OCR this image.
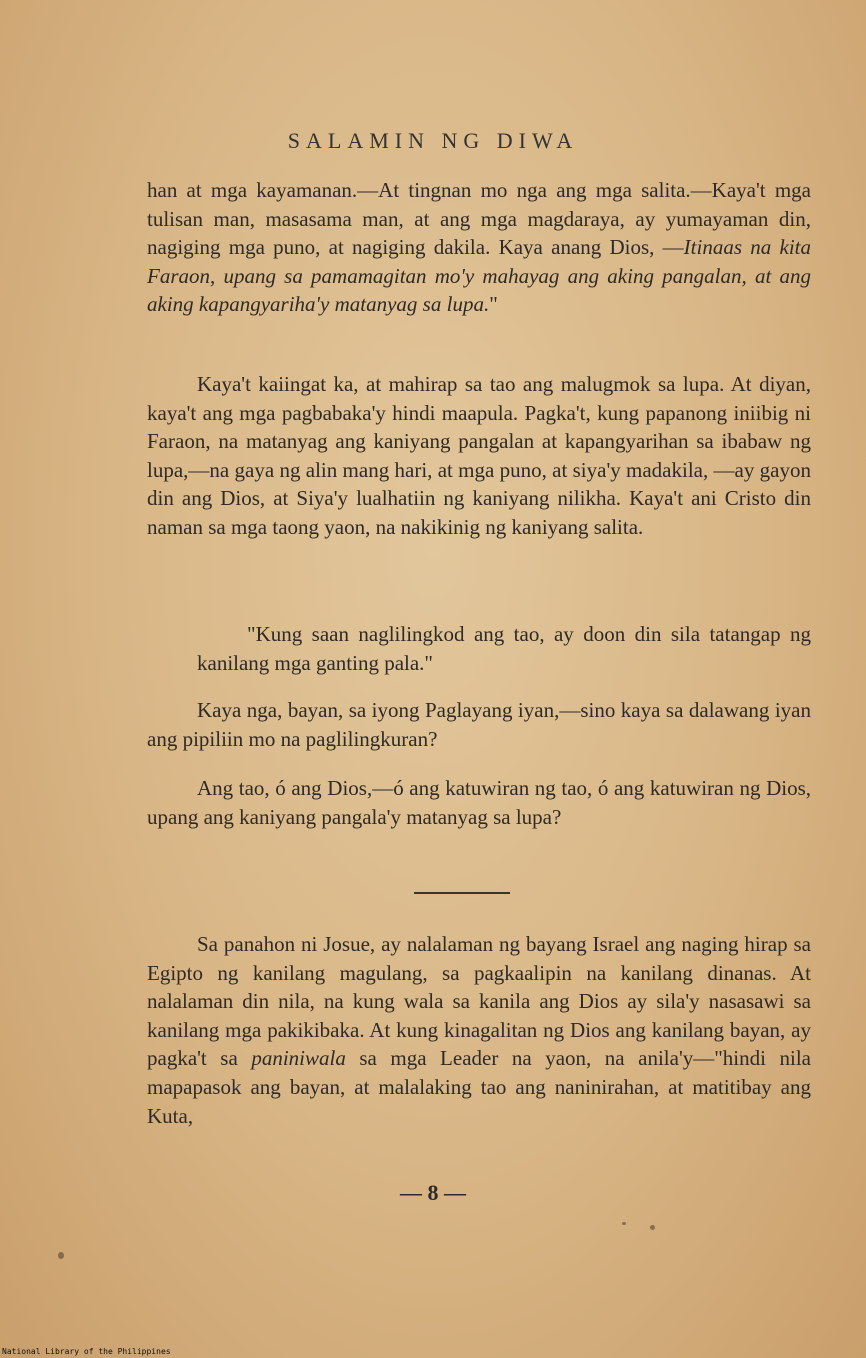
SALAMIN NG DIWA

han at mga kayamanan.—At tingnan mo nga ang mga salita.—Kaya't mga tulisan man, masasama man, at ang mga magdaraya, ay yumayaman din, nagiging mga puno, at nagiging dakila. Kaya anang Dios, —Itinaas na kita Faraon, upang sa pamamagitan mo'y mahayag ang aking pangalan, at ang aking kapangyariha'y matanyag sa lupa."

Kaya't kaiingat ka, at mahirap sa tao ang malugmok sa lupa. At diyan, kaya't ang mga pagbabaka'y hindi maapula. Pagka't, kung papanong iniibig ni Faraon, na matanyag ang kaniyang pangalan at kapangyarihan sa ibabaw ng lupa,—na gaya ng alin mang hari, at mga puno, at siya'y madakila, —ay gayon din ang Dios, at Siya'y lualhatiin ng kaniyang nilikha. Kaya't ani Cristo din naman sa mga taong yaon, na nakikinig ng kaniyang salita.

"Kung saan naglilingkod ang tao, ay doon din sila tatangap ng kanilang mga ganting pala."

Kaya nga, bayan, sa iyong Paglayang iyan,—sino kaya sa dalawang iyan ang pipiliin mo na paglilingkuran?

Ang tao, ó ang Dios,—ó ang katuwiran ng tao, ó ang katuwiran ng Dios, upang ang kaniyang pangala'y matanyag sa lupa?

Sa panahon ni Josue, ay nalalaman ng bayang Israel ang naging hirap sa Egipto ng kanilang magulang, sa pagkaalipin na kanilang dinanas. At nalalaman din nila, na kung wala sa kanila ang Dios ay sila'y nasasawi sa kanilang mga pakikibaka. At kung kinagalitan ng Dios ang kanilang bayan, ay pagka't sa paniniwala sa mga Leader na yaon, na anila'y—"hindi nila mapapasok ang bayan, at malalaking tao ang naninirahan, at matitibay ang Kuta,

— 8 —
National Library of the Philippines
